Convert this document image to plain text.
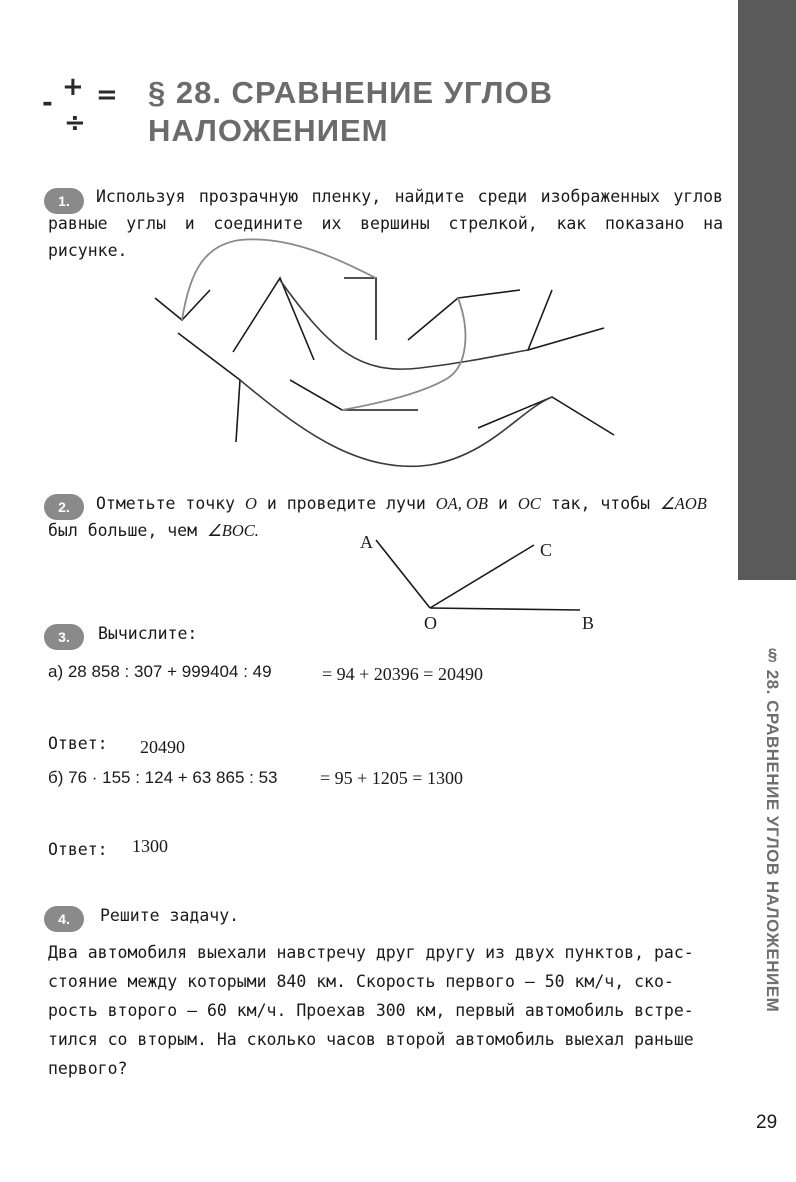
§ 28. СРАВНЕНИЕ УГЛОВ НАЛОЖЕНИЕМ
+
- =
÷
§ 28. СРАВНЕНИЕ УГЛОВ
НАЛОЖЕНИЕМ
1.	Используя прозрачную пленку, найдите среди изображенных углов равные углы и соедините их вершины стрелкой, как показано на рисунке.
2.	Отметьте точку O и проведите лучи OA, OB и OC так, чтобы ∠AOB
был больше, чем ∠BOC.
A	C
O	B
3.	Вычислите:
а) 28 858 : 307 + 999404 : 49	= 94 + 20396 = 20490
Ответ: 20490
б) 76 · 155 : 124 + 63 865 : 53 = 95 + 1205 = 1300
Ответ: 1300
4.	Решите задачу.
Два автомобиля выехали навстречу друг другу из двух пунктов, рас-
стояние между которыми 840 км. Скорость первого — 50 км/ч, ско-
рость второго — 60 км/ч. Проехав 300 км, первый автомобиль встре-
тился со вторым. На сколько часов второй автомобиль выехал раньше
первого?
29
